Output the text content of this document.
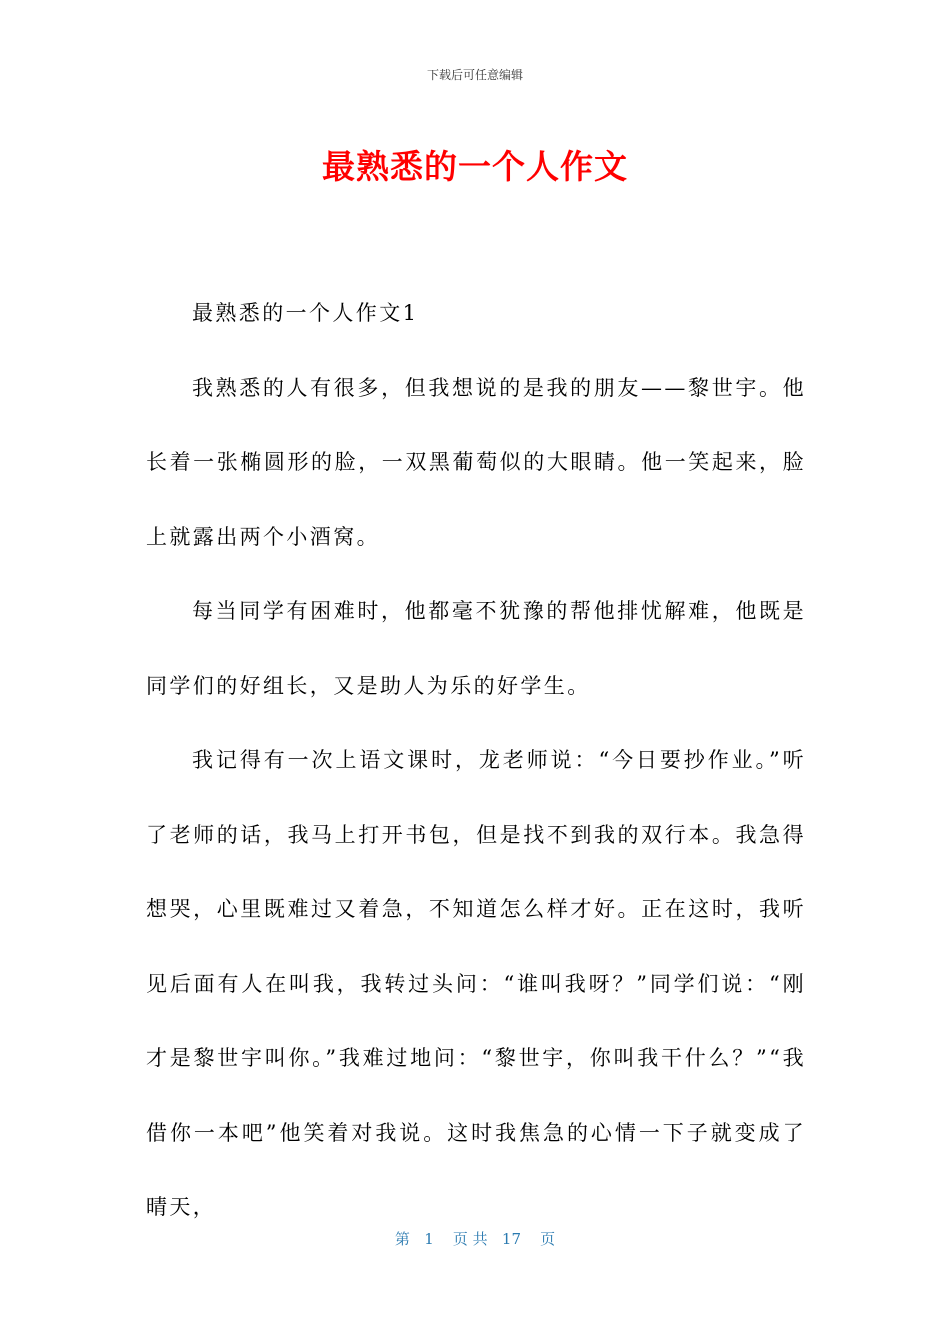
下载后可任意编辑
最熟悉的一个人作文

最熟悉的一个人作文1

我熟悉的人有很多，但我想说的是我的朋友——黎世宇。他长着一张椭圆形的脸，一双黑葡萄似的大眼睛。他一笑起来，脸上就露出两个小酒窝。

每当同学有困难时，他都毫不犹豫的帮他排忧解难，他既是同学们的好组长，又是助人为乐的好学生。

我记得有一次上语文课时，龙老师说：“今日要抄作业。”听了老师的话，我马上打开书包，但是找不到我的双行本。我急得想哭，心里既难过又着急，不知道怎么样才好。正在这时，我听见后面有人在叫我，我转过头问：“谁叫我呀？”同学们说：“刚才是黎世宇叫你。”我难过地问：“黎世宇，你叫我干什么？”“我借你一本吧”他笑着对我说。这时我焦急的心情一下子就变成了晴天，

第   1    页 共   17    页
